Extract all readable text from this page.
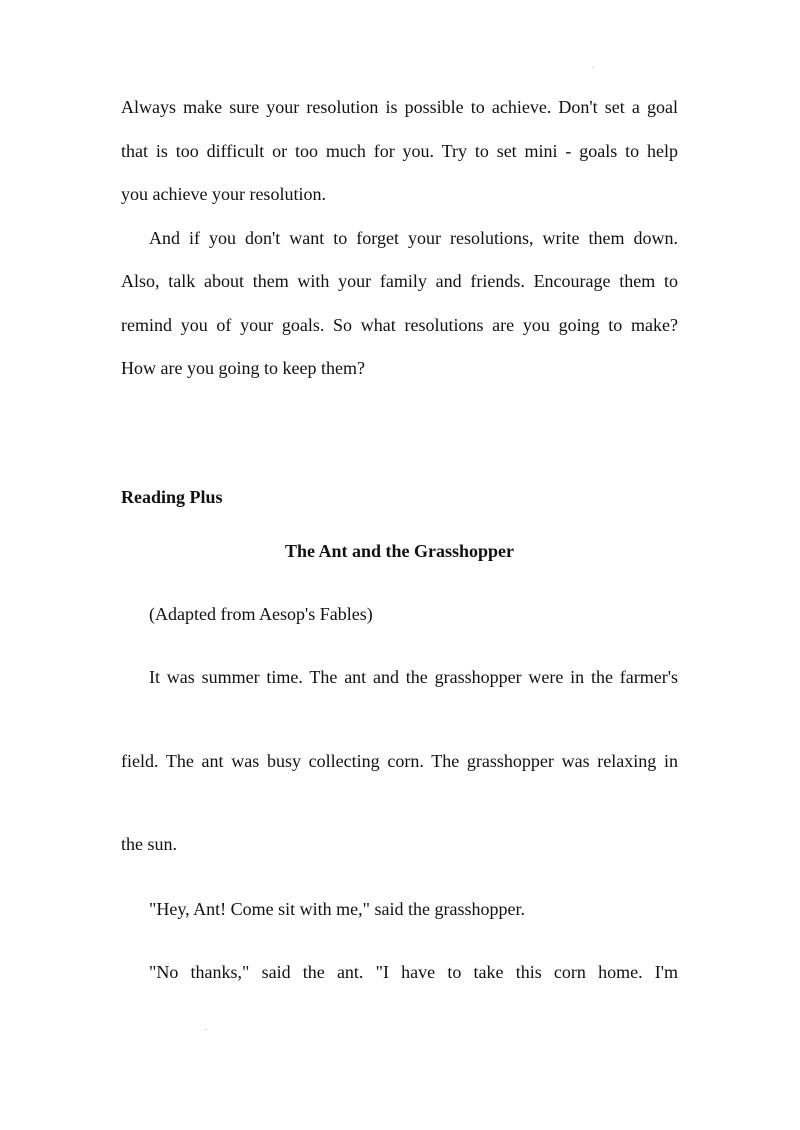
.
Always make sure your resolution is possible to achieve. Don't set a goal
that is too difficult or too much for you. Try to set mini - goals to help
you achieve your resolution.
And if you don't want to forget your resolutions, write them down.
Also, talk about them with your family and friends. Encourage them to
remind you of your goals. So what resolutions are you going to make?
How are you going to keep them?
Reading Plus
The Ant and the Grasshopper
(Adapted from Aesop's Fables)
It was summer time. The ant and the grasshopper were in the farmer's
field. The ant was busy collecting corn. The grasshopper was relaxing in
the sun.
"Hey, Ant! Come sit with me," said the grasshopper.
"No thanks," said the ant. "I have to take this corn home. I'm
.
